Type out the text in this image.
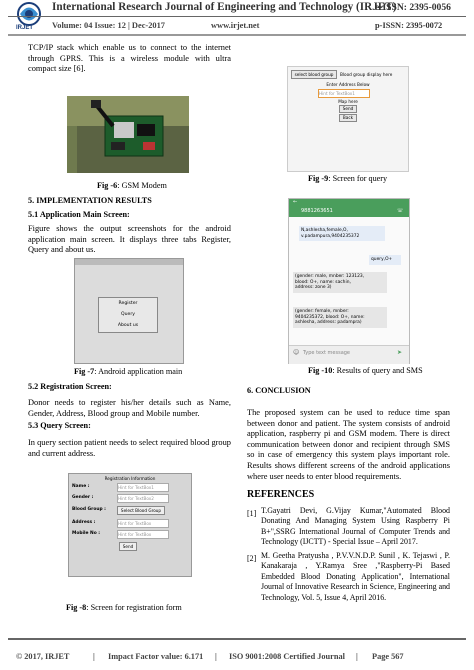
IRJET
International Research Journal of Engineering and Technology (IRJET)
e-ISSN: 2395-0056
Volume: 04 Issue: 12 | Dec-2017	www.irjet.net	p-ISSN: 2395-0072
TCP/IP stack which enable us to connect to the internet through GPRS. This is a wireless module with ultra compact size [6].
Fig -6: GSM Modem
5. IMPLEMENTATION RESULTS
5.1 Application Main Screen:
Figure shows the output screenshots for the android application main screen. It displays three tabs Register, Query and about us.
Register
Query
About us
Fig -7: Android application main
5.2 Registration Screen:
Donor needs to register his/her details such as Name, Gender, Address, Blood group and Mobile number.
5.3 Query Screen:
In query section patient needs to select required blood group and current address.
Registration Information
Name :	Hint for TextBox1
Gender :	Hint for TextBox2
Blood Group :	Select Blood Group
Address :	Hint for TextBox
Mobile No :	Hint for TextBox
Send
Fig -8: Screen for registration form
select blood group	Blood group display here
Enter Address Below
Hint for TextBox1
Map here
Send
Back
Fig -9: Screen for query
←
9881263651	☏
N,ashlesha,female,O,
v.padampura,9404235372
query,O+
(gender: male, mnber: 123123,
blood: O+, name: sachin,
address: zone 3)
(gender: female, mnber:
9404235372, blood: O+, name:
ashlesha, address: padampra)
☺ Type text message	➤
Fig -10: Results of query and SMS
6. CONCLUSION
The proposed system can be used to reduce time span between donor and patient. The system consists of android application, raspberry pi and GSM modem. There is direct communication between donor and recipient through SMS so in case of emergency this system plays important role. Results shows different screens of the android applications where user needs to enter blood requirements.
REFERENCES
[1] T.Gayatri Devi, G.Vijay Kumar,"Automated Blood Donating And Managing System Using Raspberry Pi B+",SSRG International Journal of Computer Trends and Technology (IJCTT) - Special Issue – April 2017.
[2] M. Geetha Pratyusha , P.V.V.N.D.P. Sunil , K. Tejaswi , P. Kanakaraja , Y.Ramya Sree ,"Raspberry-Pi Based Embedded Blood Donating Application", International Journal of Innovative Research in Science, Engineering and Technology, Vol. 5, Issue 4, April 2016.
© 2017, IRJET	| Impact Factor value: 6.171 | ISO 9001:2008 Certified Journal | Page 567
